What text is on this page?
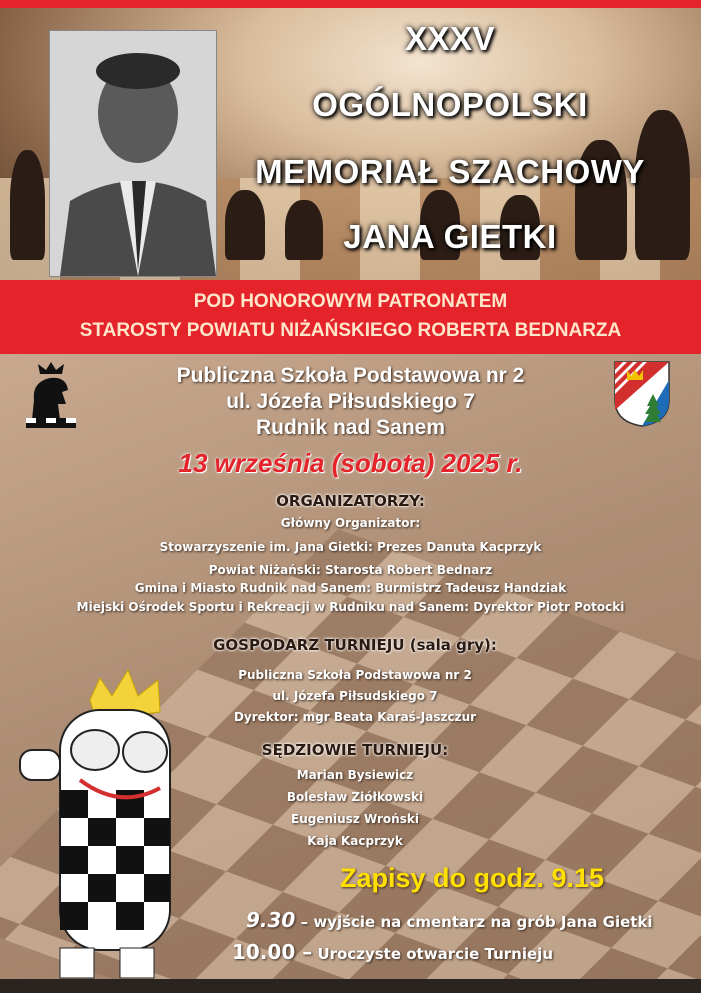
XXXV
OGÓLNOPOLSKI
MEMORIAŁ SZACHOWY
JANA GIETKI
POD HONOROWYM PATRONATEM
STAROSTY POWIATU NIŻAŃSKIEGO ROBERTA BEDNARZA
Publiczna Szkoła Podstawowa nr 2
ul. Józefa Piłsudskiego 7
Rudnik nad Sanem
13 września (sobota) 2025 r.
ORGANIZATORZY:
Główny Organizator:
Stowarzyszenie im. Jana Gietki: Prezes Danuta Kacprzyk
Powiat Niżański: Starosta Robert Bednarz
Gmina i Miasto Rudnik nad Sanem: Burmistrz Tadeusz Handziak
Miejski Ośrodek Sportu i Rekreacji w Rudniku nad Sanem: Dyrektor Piotr Potocki
GOSPODARZ TURNIEJU (sala gry):
Publiczna Szkoła Podstawowa nr 2
ul. Józefa Piłsudskiego 7
Dyrektor: mgr Beata Karaś-Jaszczur
SĘDZIOWIE TURNIEJU:
Marian Bysiewicz
Bolesław Ziółkowski
Eugeniusz Wroński
Kaja Kacprzyk
Zapisy do godz. 9.15
9.30 – wyjście na cmentarz na grób Jana Gietki
10.00 – Uroczyste otwarcie Turnieju
